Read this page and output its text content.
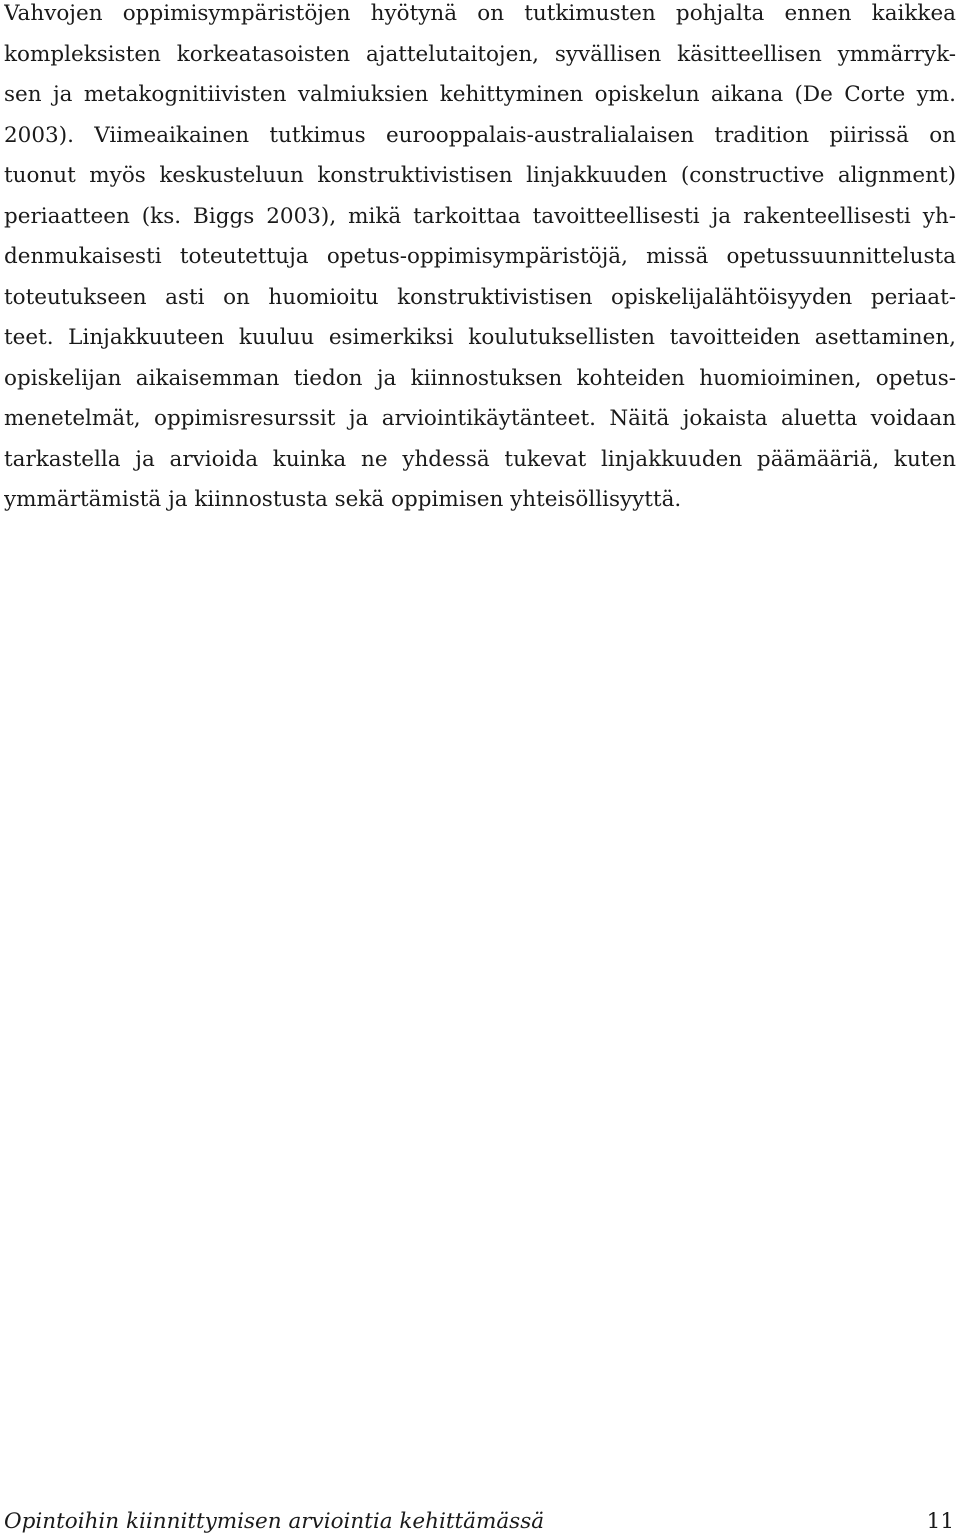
Vahvojen oppimisympäristöjen hyötynä on tutkimusten pohjalta ennen kaikkea
kompleksisten korkeatasoisten ajattelutaitojen, syvällisen käsitteellisen ymmärryk-
sen ja metakognitiivisten valmiuksien kehittyminen opiskelun aikana (De Corte ym.
2003). Viimeaikainen tutkimus eurooppalais-australialaisen tradition piirissä on
tuonut myös keskusteluun konstruktivistisen linjakkuuden (constructive alignment)
periaatteen (ks. Biggs 2003), mikä tarkoittaa tavoitteellisesti ja rakenteellisesti yh-
denmukaisesti toteutettuja opetus-oppimisympäristöjä, missä opetussuunnittelusta
toteutukseen asti on huomioitu konstruktivistisen opiskelijalähtöisyyden periaat-
teet. Linjakkuuteen kuuluu esimerkiksi koulutuksellisten tavoitteiden asettaminen,
opiskelijan aikaisemman tiedon ja kiinnostuksen kohteiden huomioiminen, opetus-
menetelmät, oppimisresurssit ja arviointikäytänteet. Näitä jokaista aluetta voidaan
tarkastella ja arvioida kuinka ne yhdessä tukevat linjakkuuden päämääriä, kuten
ymmärtämistä ja kiinnostusta sekä oppimisen yhteisöllisyyttä.
Opintoihin kiinnittymisen arviointia kehittämässä	11
